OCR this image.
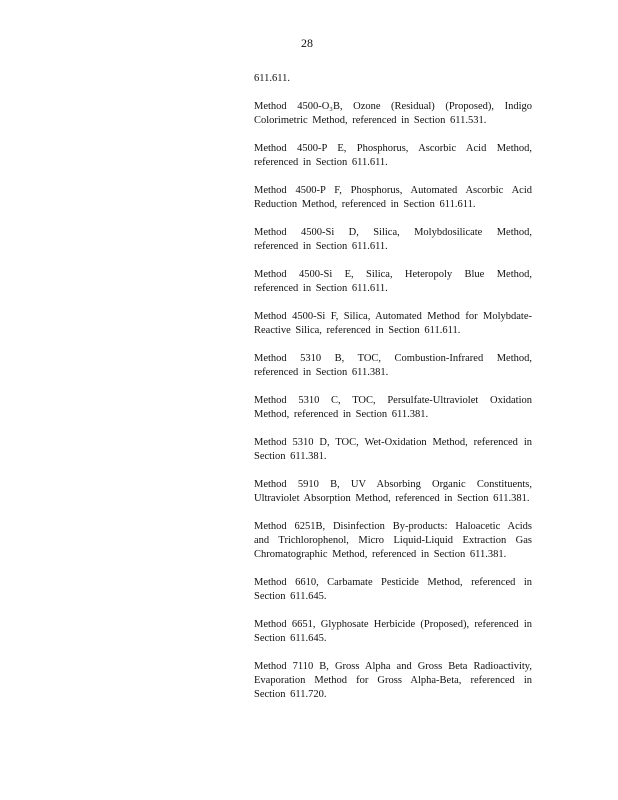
28

611.611.

Method 4500-O₃B, Ozone (Residual) (Proposed), Indigo Colorimetric Method, referenced in Section 611.531.

Method 4500-P E, Phosphorus, Ascorbic Acid Method, referenced in Section 611.611.

Method 4500-P F, Phosphorus, Automated Ascorbic Acid Reduction Method, referenced in Section 611.611.

Method 4500-Si D, Silica, Molybdosilicate Method, referenced in Section 611.611.

Method 4500-Si E, Silica, Heteropoly Blue Method, referenced in Section 611.611.

Method 4500-Si F, Silica, Automated Method for Molybdate-Reactive Silica, referenced in Section 611.611.

Method 5310 B, TOC, Combustion-Infrared Method, referenced in Section 611.381.

Method 5310 C, TOC, Persulfate-Ultraviolet Oxidation Method, referenced in Section 611.381.

Method 5310 D, TOC, Wet-Oxidation Method, referenced in Section 611.381.

Method 5910 B, UV Absorbing Organic Constituents, Ultraviolet Absorption Method, referenced in Section 611.381.

Method 6251B, Disinfection By-products: Haloacetic Acids and Trichlorophenol, Micro Liquid-Liquid Extraction Gas Chromatographic Method, referenced in Section 611.381.

Method 6610, Carbamate Pesticide Method, referenced in Section 611.645.

Method 6651, Glyphosate Herbicide (Proposed), referenced in Section 611.645.

Method 7110 B, Gross Alpha and Gross Beta Radioactivity, Evaporation Method for Gross Alpha-Beta, referenced in Section 611.720.
